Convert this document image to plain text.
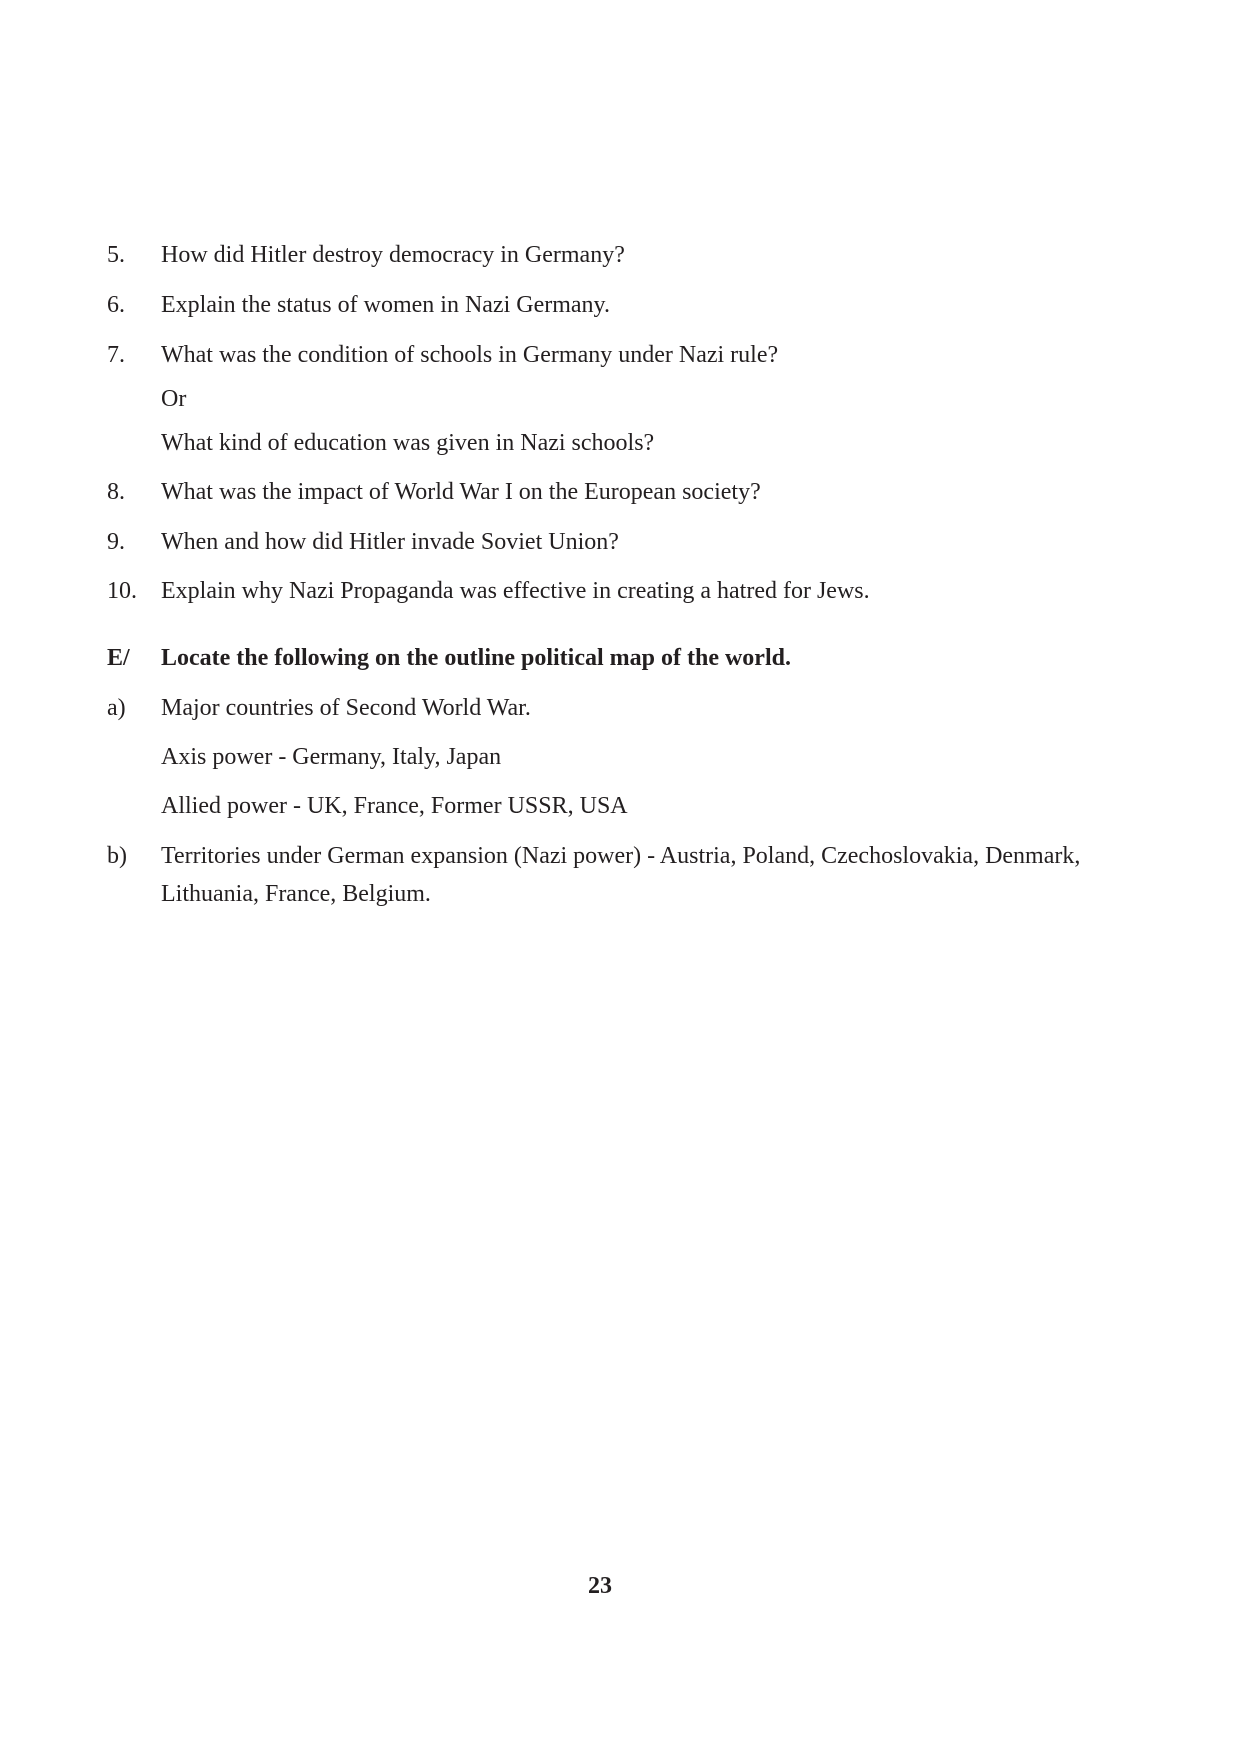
5. How did Hitler destroy democracy in Germany?
6. Explain the status of women in Nazi Germany.
7. What was the condition of schools in Germany under Nazi rule?
Or
What kind of education was given in Nazi schools?
8. What was the impact of World War I on the European society?
9. When and how did Hitler invade Soviet Union?
10. Explain why Nazi Propaganda was effective in creating a hatred for Jews.
E/ Locate the following on the outline political map of the world.
a) Major countries of Second World War.
Axis power - Germany, Italy, Japan
Allied power - UK, France, Former USSR, USA
b) Territories under German expansion (Nazi power) - Austria, Poland, Czechoslovakia, Denmark,
Lithuania, France, Belgium.
23
